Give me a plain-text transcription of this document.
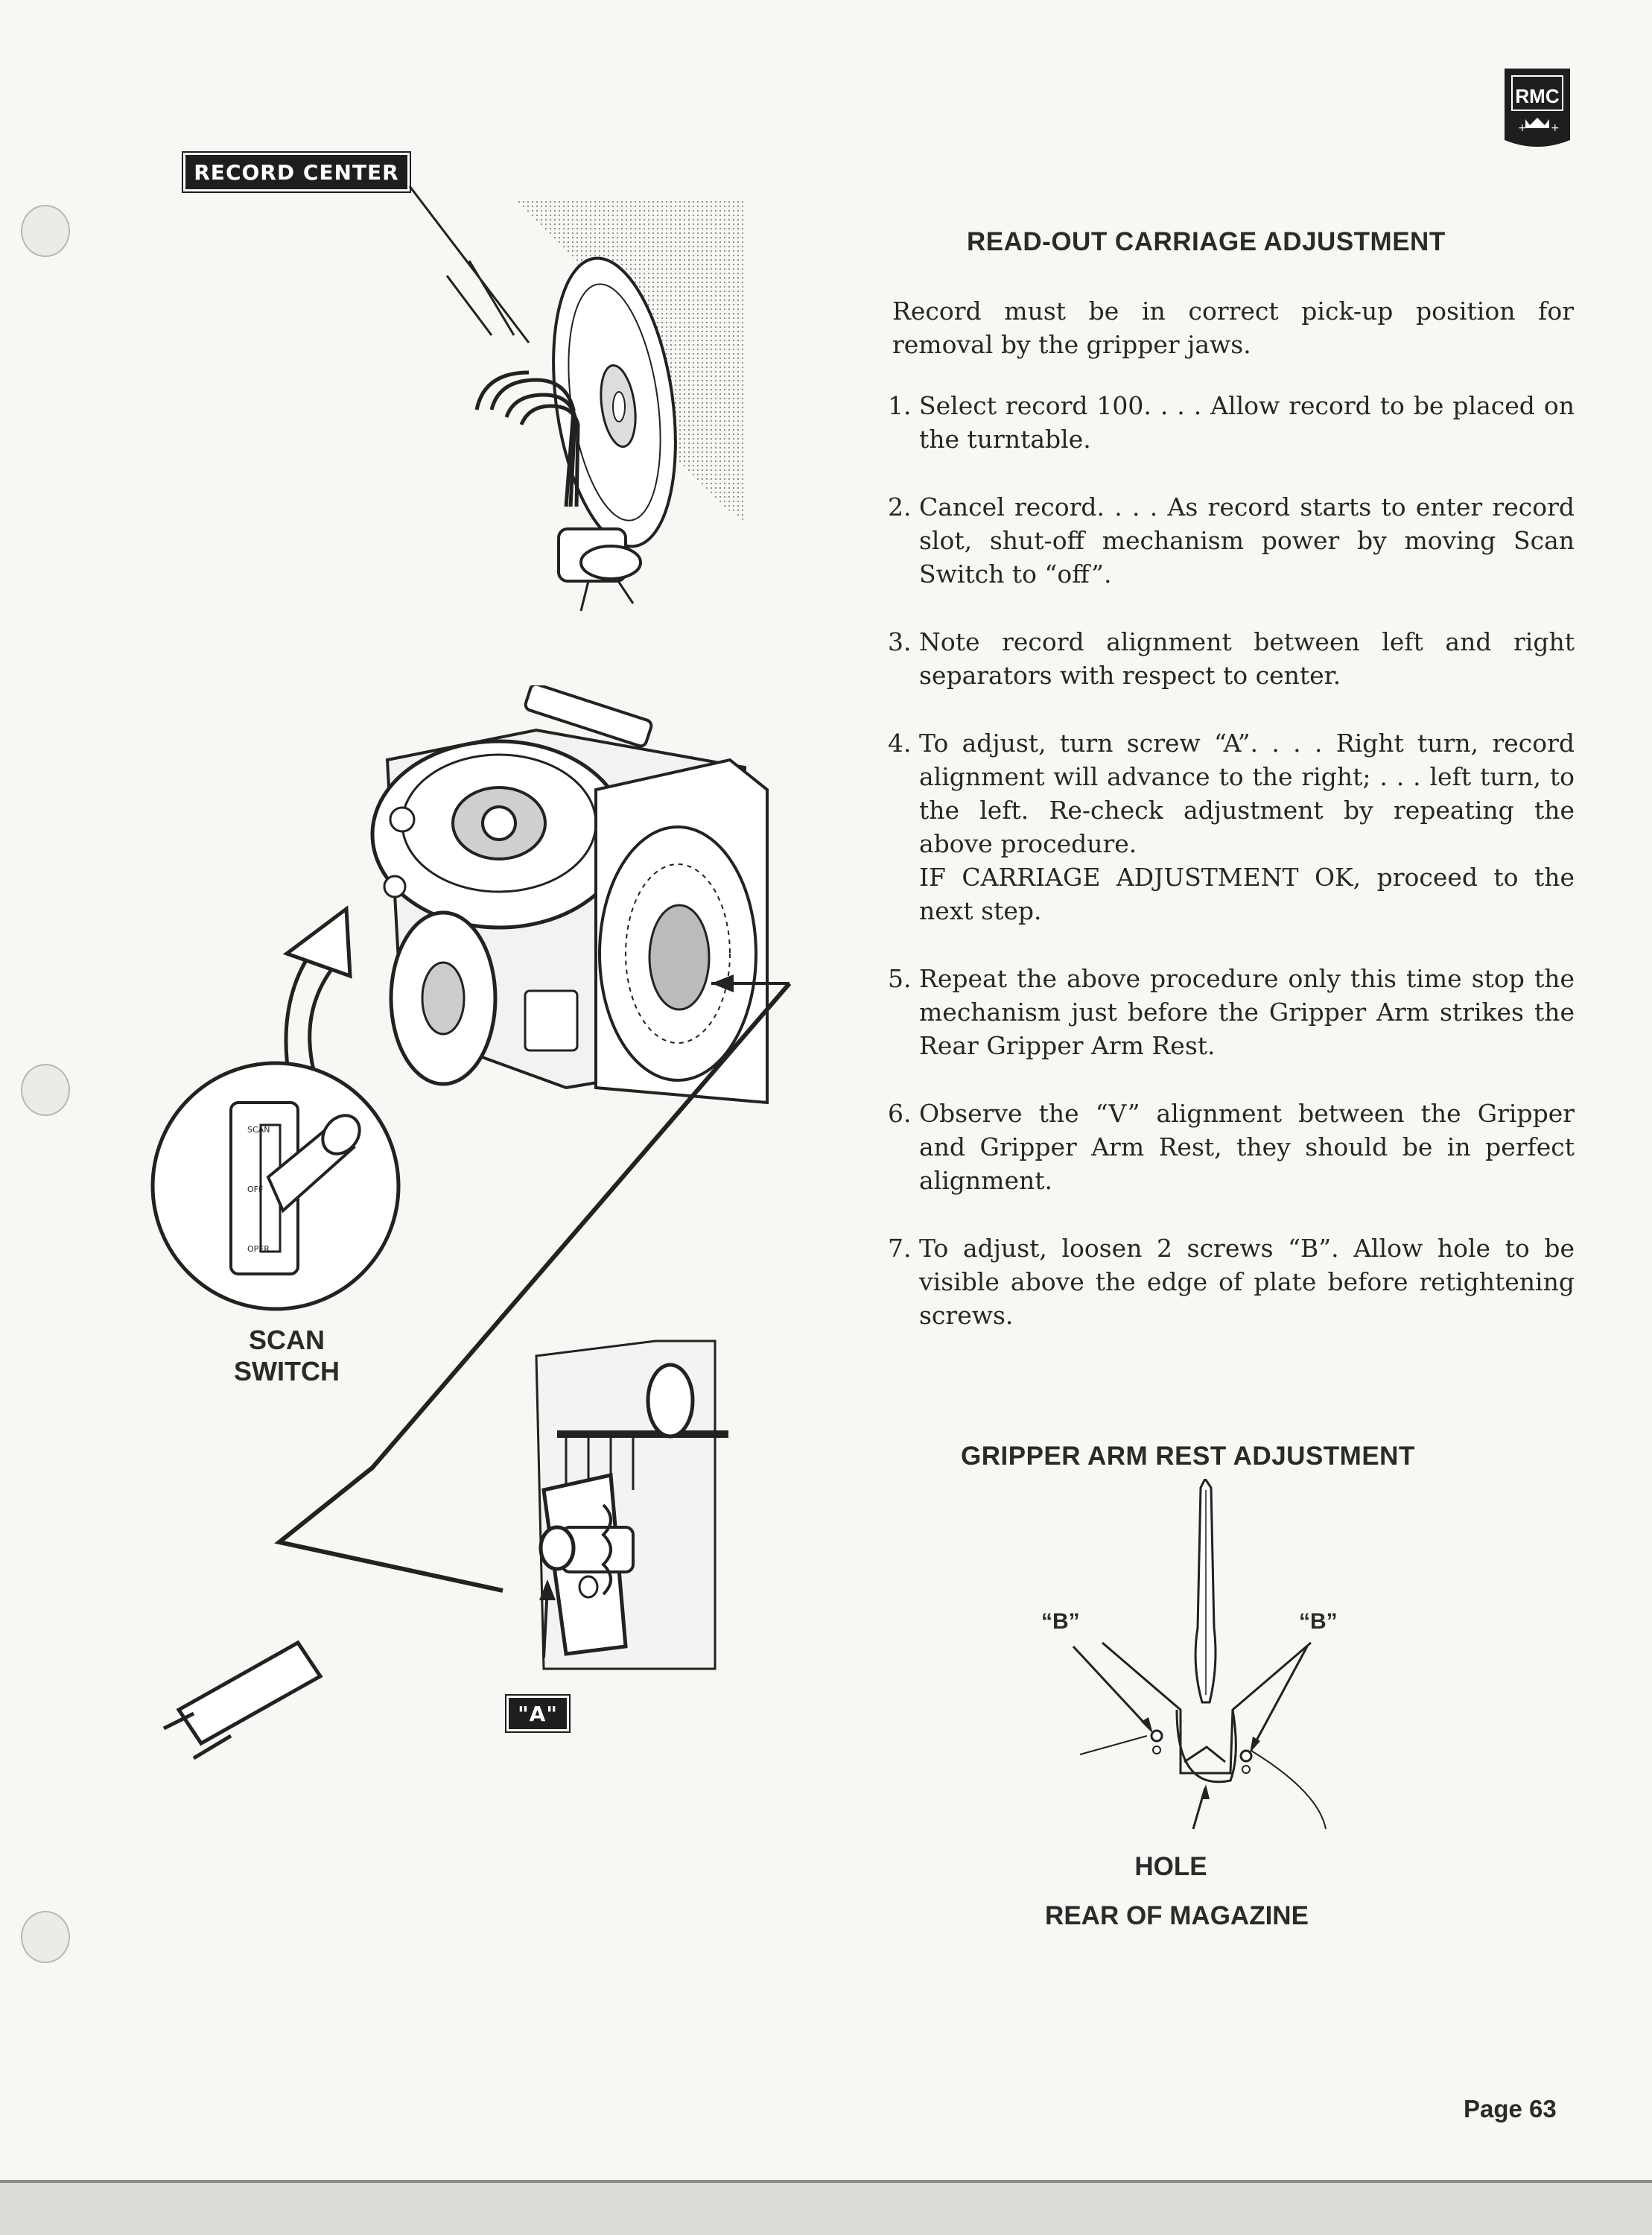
RMC
+ +
RECORD CENTER
SCAN
OFF
OPER
SCAN
SWITCH
"A"
READ-OUT CARRIAGE ADJUSTMENT
Record must be in correct pick-up position for removal by the gripper jaws.
1. Select record 100. . . . Allow record to be placed on the turntable.
2. Cancel record. . . . As record starts to enter record slot, shut-off mechanism power by moving Scan Switch to “off”.
3. Note record alignment between left and right separators with respect to center.
4. To adjust, turn screw “A”. . . . Right turn, record alignment will advance to the right; . . . left turn, to the left. Re-check adjustment by repeating the above procedure.
IF CARRIAGE ADJUSTMENT OK, proceed to the next step.
5. Repeat the above procedure only this time stop the mechanism just before the Gripper Arm strikes the Rear Gripper Arm Rest.
6. Observe the “V” alignment between the Gripper and Gripper Arm Rest, they should be in perfect alignment.
7. To adjust, loosen 2 screws “B”. Allow hole to be visible above the edge of plate before retightening screws.
GRIPPER ARM REST ADJUSTMENT
“B”	“B”
HOLE
REAR OF MAGAZINE
Page 63
